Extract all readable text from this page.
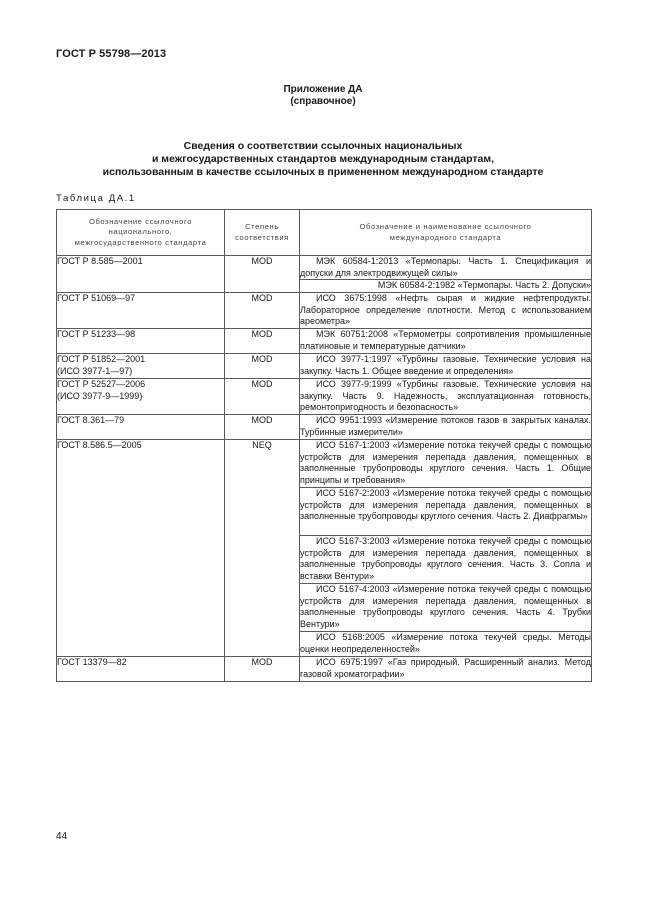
ГОСТ Р 55798—2013
Приложение ДА
(справочное)
Сведения о соответствии ссылочных национальных
и межгосударственных стандартов международным стандартам,
использованным в качестве ссылочных в примененном международном стандарте
Таблица ДА.1
Обозначение ссылочного национального, межгосударственного стандарта	Степень соответствия	Обозначение и наименование ссылочного международного стандарта
ГОСТ Р 8.585—2001	MOD	МЭК 60584-1:2013 «Термопары. Часть 1. Спецификация и допуски для электродвижущей силы»
		МЭК 60584-2:1982 «Термопары. Часть 2. Допуски»
ГОСТ Р 51069—97	MOD	ИСО 3675:1998 «Нефть сырая и жидкие нефтепродукты. Лабораторное определение плотности. Метод с использованием ареометра»
ГОСТ Р 51233—98	MOD	МЭК 60751:2008 «Термометры сопротивления промышленные платиновые и температурные датчики»

ГОСТ Р 51852—2001
(ИСО 3977-1—97)	MOD	ИСО 3977-1:1997 «Турбины газовые. Технические условия на закупку. Часть 1. Общее введение и определения»

ГОСТ Р 52527—2006
(ИСО 3977-9—1999)	MOD	ИСО 3977-9:1999 «Турбины газовые. Технические условия на закупку. Часть 9. Надежность, эксплуатационная готовность, ремонтопригодность и безопасность»
ГОСТ 8.361—79	MOD	ИСО 9951:1993 «Измерение потоков газов в закрытых каналах. Турбинные измерители»
ГОСТ 8.586.5—2005	NEQ	ИСО 5167-1:2003 «Измерение потока текучей среды с помощью устройств для измерения перепада давления, помещенных в заполненные трубопроводы круглого сечения. Часть 1. Общие принципы и требования»
		ИСО 5167-2:2003 «Измерение потока текучей среды с помощью устройств для измерения перепада давления, помещенных в заполненные трубопроводы круглого сечения. Часть 2. Диафрагмы»
		ИСО 5167-3:2003 «Измерение потока текучей среды с помощью устройств для измерения перепада давления, помещенных в заполненные трубопроводы круглого сечения. Часть 3. Сопла и вставки Вентури»
		ИСО 5167-4:2003 «Измерение потока текучей среды с помощью устройств для измерения перепада давления, помещенных в заполненные трубопроводы круглого сечения. Часть 4. Трубки Вентури»
		ИСО 5168:2005 «Измерение потока текучей среды. Методы оценки неопределенностей»
ГОСТ 13379—82	MOD	ИСО 6975:1997 «Газ природный. Расширенный анализ. Метод газовой хроматографии»
44
